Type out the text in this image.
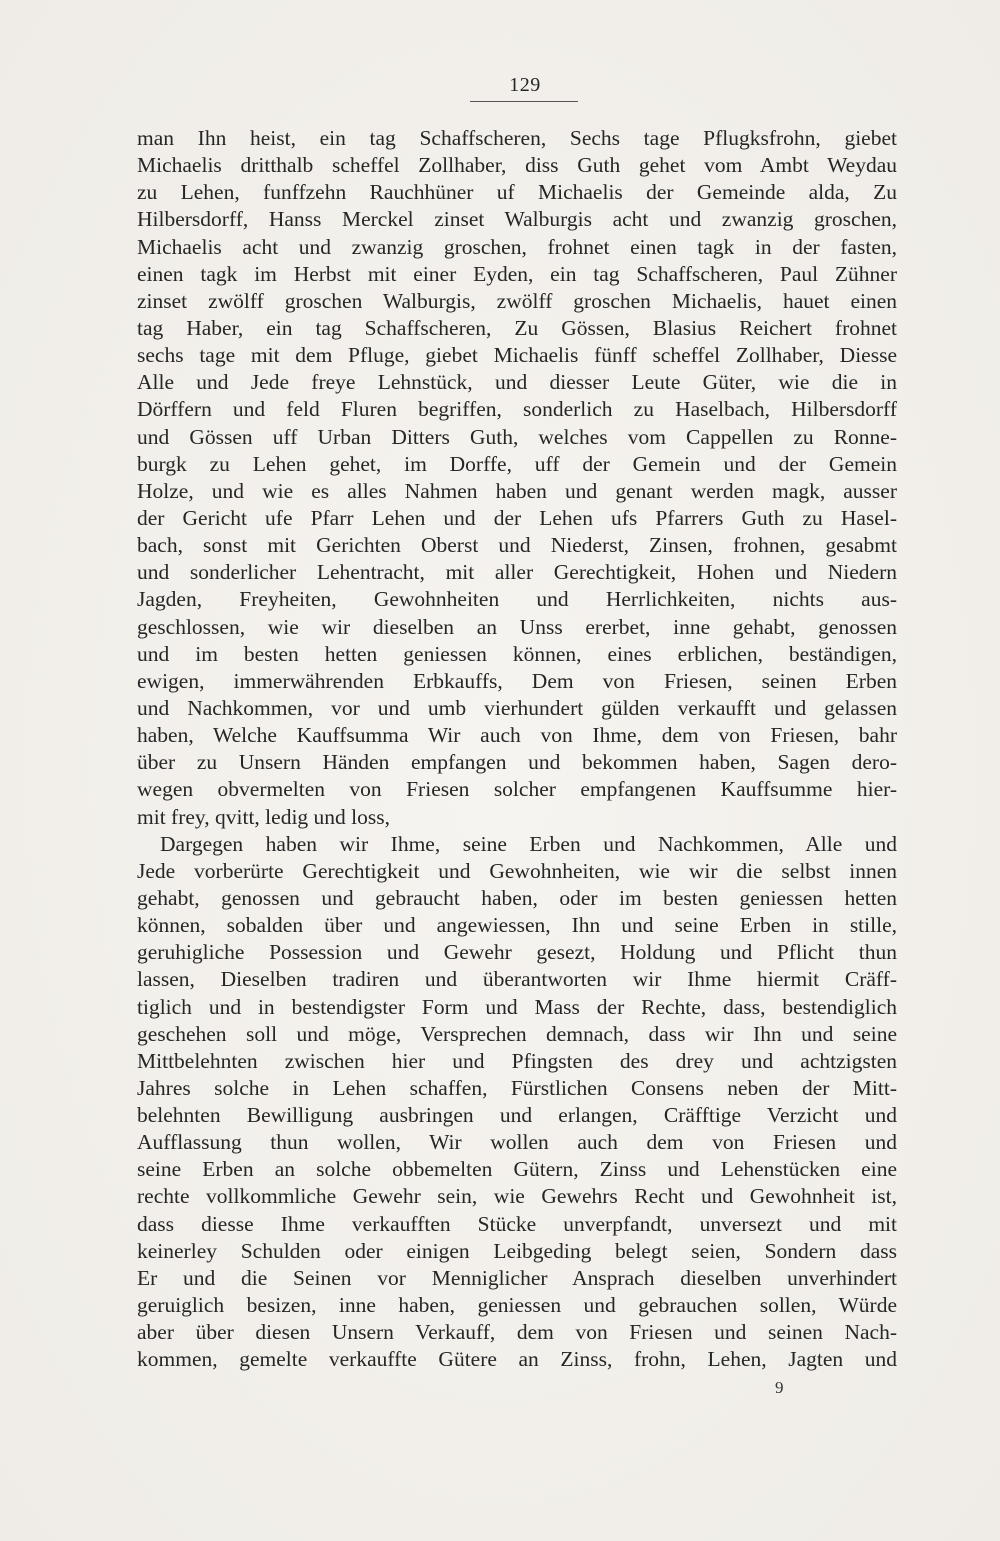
129
man Ihn heist, ein tag Schaffscheren, Sechs tage Pflugksfrohn, giebet
Michaelis dritthalb scheffel Zollhaber, diss Guth gehet vom Ambt Weydau
zu Lehen, funffzehn Rauchhüner uf Michaelis der Gemeinde alda, Zu
Hilbersdorff, Hanss Merckel zinset Walburgis acht und zwanzig groschen,
Michaelis acht und zwanzig groschen, frohnet einen tagk in der fasten,
einen tagk im Herbst mit einer Eyden, ein tag Schaffscheren, Paul Zühner
zinset zwölff groschen Walburgis, zwölff groschen Michaelis, hauet einen
tag Haber, ein tag Schaffscheren, Zu Gössen, Blasius Reichert frohnet
sechs tage mit dem Pfluge, giebet Michaelis fünff scheffel Zollhaber, Diesse
Alle und Jede freye Lehnstück, und diesser Leute Güter, wie die in
Dörffern und feld Fluren begriffen, sonderlich zu Haselbach, Hilbersdorff
und Gössen uff Urban Ditters Guth, welches vom Cappellen zu Ronne-
burgk zu Lehen gehet, im Dorffe, uff der Gemein und der Gemein
Holze, und wie es alles Nahmen haben und genant werden magk, ausser
der Gericht ufe Pfarr Lehen und der Lehen ufs Pfarrers Guth zu Hasel-
bach, sonst mit Gerichten Oberst und Niederst, Zinsen, frohnen, gesabmt
und sonderlicher Lehentracht, mit aller Gerechtigkeit, Hohen und Niedern
Jagden, Freyheiten, Gewohnheiten und Herrlichkeiten, nichts aus-
geschlossen, wie wir dieselben an Unss ererbet, inne gehabt, genossen
und im besten hetten geniessen können, eines erblichen, beständigen,
ewigen, immerwährenden Erbkauffs, Dem von Friesen, seinen Erben
und Nachkommen, vor und umb vierhundert gülden verkaufft und gelassen
haben, Welche Kauffsumma Wir auch von Ihme, dem von Friesen, bahr
über zu Unsern Händen empfangen und bekommen haben, Sagen dero-
wegen obvermelten von Friesen solcher empfangenen Kauffsumme hier-
mit frey, qvitt, ledig und loss,
Dargegen haben wir Ihme, seine Erben und Nachkommen, Alle und
Jede vorberürte Gerechtigkeit und Gewohnheiten, wie wir die selbst innen
gehabt, genossen und gebraucht haben, oder im besten geniessen hetten
können, sobalden über und angewiessen, Ihn und seine Erben in stille,
geruhigliche Possession und Gewehr gesezt, Holdung und Pflicht thun
lassen, Dieselben tradiren und überantworten wir Ihme hiermit Cräff-
tiglich und in bestendigster Form und Mass der Rechte, dass, bestendiglich
geschehen soll und möge, Versprechen demnach, dass wir Ihn und seine
Mittbelehnten zwischen hier und Pfingsten des drey und achtzigsten
Jahres solche in Lehen schaffen, Fürstlichen Consens neben der Mitt-
belehnten Bewilligung ausbringen und erlangen, Cräfftige Verzicht und
Aufflassung thun wollen, Wir wollen auch dem von Friesen und
seine Erben an solche obbemelten Gütern, Zinss und Lehenstücken eine
rechte vollkommliche Gewehr sein, wie Gewehrs Recht und Gewohnheit ist,
dass diesse Ihme verkaufften Stücke unverpfandt, unversezt und mit
keinerley Schulden oder einigen Leibgeding belegt seien, Sondern dass
Er und die Seinen vor Menniglicher Ansprach dieselben unverhindert
geruiglich besizen, inne haben, geniessen und gebrauchen sollen, Würde
aber über diesen Unsern Verkauff, dem von Friesen und seinen Nach-
kommen, gemelte verkauffte Gütere an Zinss, frohn, Lehen, Jagten und
9
